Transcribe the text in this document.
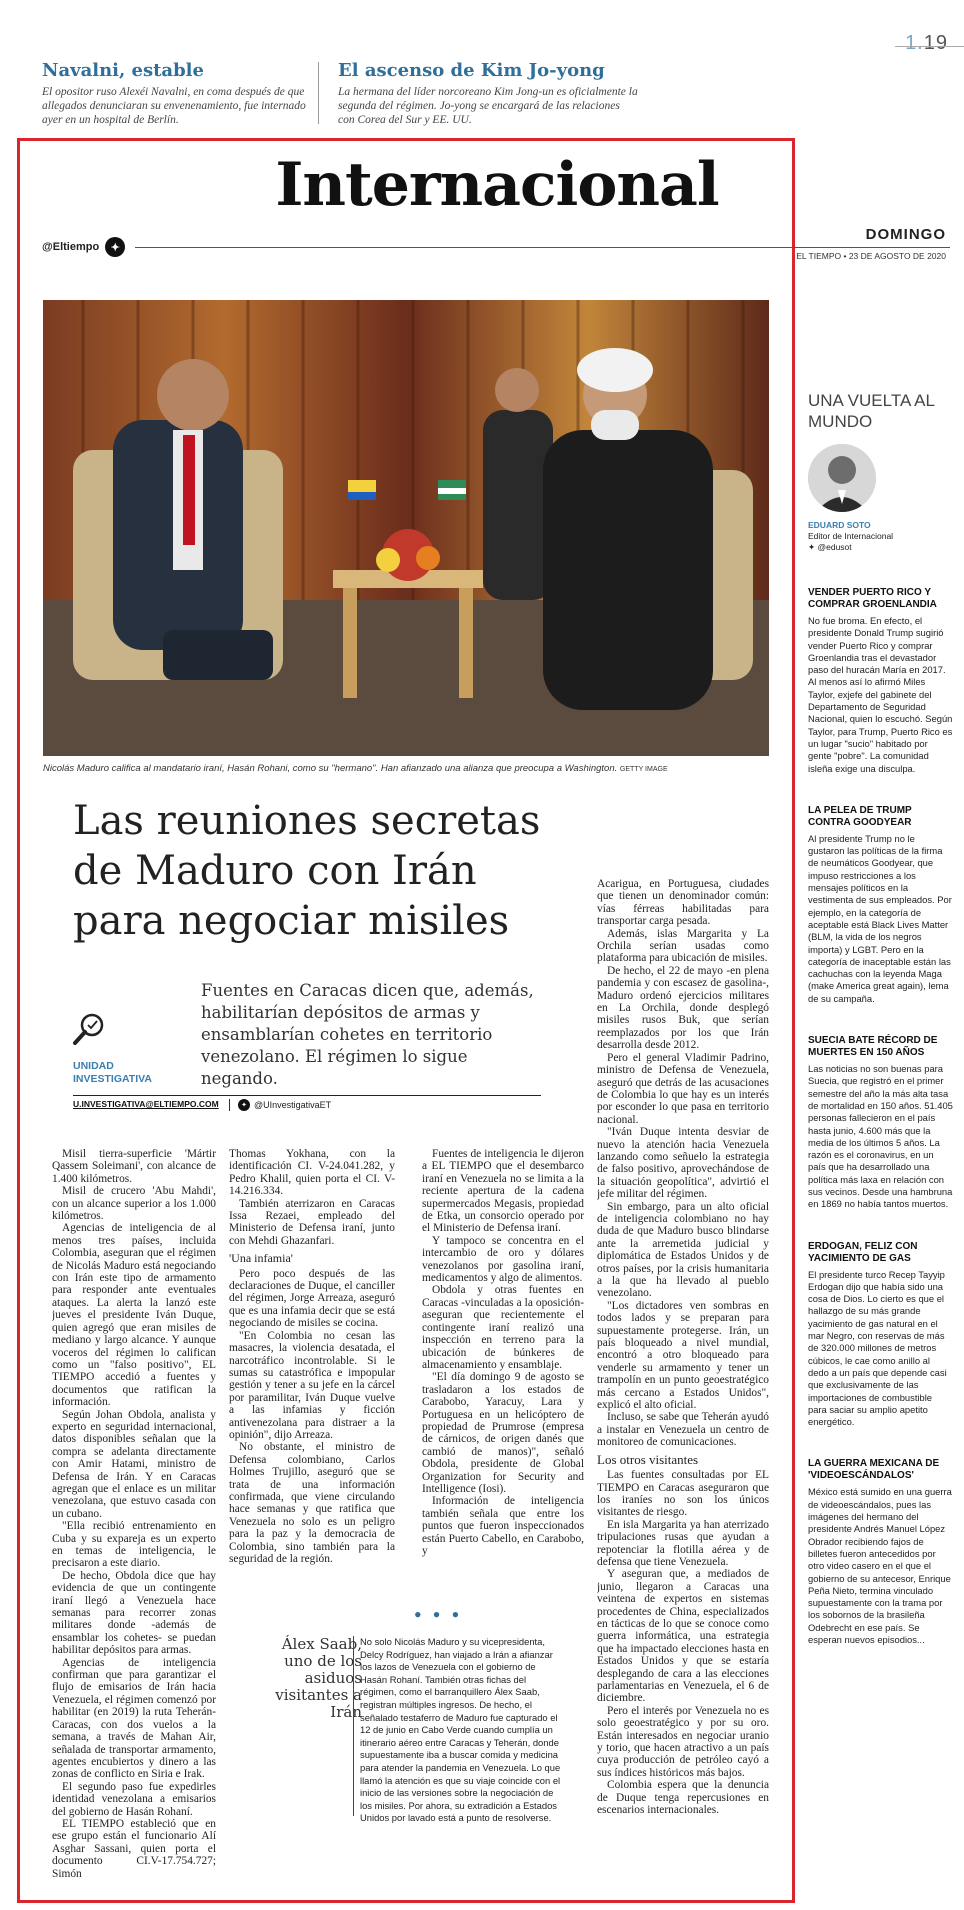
1.19
Navalni, estable

El opositor ruso Alexéi Navalni, en coma después de que allegados denunciaran su envenenamiento, fue internado ayer en un hospital de Berlín.

El ascenso de Kim Jo-yong

La hermana del líder norcoreano Kim Jong-un es oficialmente la segunda del régimen. Jo-yong se encargará de las relaciones con Corea del Sur y EE. UU.

Internacional
@Eltiempo	✦
DOMINGO
EL TIEMPO • 23 DE AGOSTO DE 2020
Nicolás Maduro califica al mandatario iraní, Hasán Rohani, como su "hermano". Han afianzado una alianza que preocupa a Washington. GETTY IMAGE
Las reuniones secretas de Maduro con Irán para negociar misiles
UNIDAD INVESTIGATIVA
Fuentes en Caracas dicen que, además, habilitarían depósitos de armas y ensamblarían cohetes en territorio venezolano. El régimen lo sigue negando.
U.INVESTIGATIVA@ELTIEMPO.COM	✦ @UInvestigativaET

Misil tierra-superficie 'Mártir Qassem Soleimani', con alcance de 1.400 kilómetros.

Misil de crucero 'Abu Mahdi', con un alcance superior a los 1.000 kilómetros.

Agencias de inteligencia de al menos tres países, incluida Colombia, aseguran que el régimen de Nicolás Maduro está negociando con Irán este tipo de armamento para responder ante eventuales ataques. La alerta la lanzó este jueves el presidente Iván Duque, quien agregó que eran misiles de mediano y largo alcance. Y aunque voceros del régimen lo califican como un "falso positivo", EL TIEMPO accedió a fuentes y documentos que ratifican la información.

Según Johan Obdola, analista y experto en seguridad internacional, datos disponibles señalan que la compra se adelanta directamente con Amir Hatami, ministro de Defensa de Irán. Y en Caracas agregan que el enlace es un militar venezolana, que estuvo casada con un cubano.

"Ella recibió entrenamiento en Cuba y su expareja es un experto en temas de inteligencia, le precisaron a este diario.

De hecho, Obdola dice que hay evidencia de que un contingente iraní llegó a Venezuela hace semanas para recorrer zonas militares donde -además de ensamblar los cohetes- se puedan habilitar depósitos para armas.

Agencias de inteligencia confirman que para garantizar el flujo de emisarios de Irán hacia Venezuela, el régimen comenzó por habilitar (en 2019) la ruta Teherán-Caracas, con dos vuelos a la semana, a través de Mahan Air, señalada de transportar armamento, agentes encubiertos y dinero a las zonas de conflicto en Siria e Irak.

El segundo paso fue expedirles identidad venezolana a emisarios del gobierno de Hasán Rohaní.

EL TIEMPO estableció que en ese grupo están el funcionario Alí Asghar Sassani, quien porta el documento CI.V-17.754.727; Simón

Thomas Yokhana, con la identificación CI. V-24.041.282, y Pedro Khalil, quien porta el CI. V-14.216.334.

También aterrizaron en Caracas Issa Rezaei, empleado del Ministerio de Defensa iraní, junto con Mehdi Ghazanfari.

'Una infamia'

Pero poco después de las declaraciones de Duque, el canciller del régimen, Jorge Arreaza, aseguró que es una infamia decir que se está negociando de misiles se cocina.

"En Colombia no cesan las masacres, la violencia desatada, el narcotráfico incontrolable. Si le sumas su catastrófica e impopular gestión y tener a su jefe en la cárcel por paramilitar, Iván Duque vuelve a las infamias y ficción antivenezolana para distraer a la opinión", dijo Arreaza.

No obstante, el ministro de Defensa colombiano, Carlos Holmes Trujillo, aseguró que se trata de una información confirmada, que viene circulando hace semanas y que ratifica que Venezuela no solo es un peligro para la paz y la democracia de Colombia, sino también para la seguridad de la región.

Fuentes de inteligencia le dijeron a EL TIEMPO que el desembarco iraní en Venezuela no se limita a la reciente apertura de la cadena supermercados Megasis, propiedad de Etka, un consorcio operado por el Ministerio de Defensa iraní.

Y tampoco se concentra en el intercambio de oro y dólares venezolanos por gasolina iraní, medicamentos y algo de alimentos.

Obdola y otras fuentes en Caracas -vinculadas a la oposición- aseguran que recientemente el contingente iraní realizó una inspección en terreno para la ubicación de búnkeres de almacenamiento y ensamblaje.

"El día domingo 9 de agosto se trasladaron a los estados de Carabobo, Yaracuy, Lara y Portuguesa en un helicóptero de propiedad de Prumrose (empresa de cárnicos, de origen danés que cambió de manos)", señaló Obdola, presidente de Global Organization for Security and Intelligence (Iosi).

Información de inteligencia también señala que entre los puntos que fueron inspeccionados están Puerto Cabello, en Carabobo, y

Acarigua, en Portuguesa, ciudades que tienen un denominador común: vías férreas habilitadas para transportar carga pesada.

Además, islas Margarita y La Orchila serían usadas como plataforma para ubicación de misiles.

De hecho, el 22 de mayo -en plena pandemia y con escasez de gasolina-, Maduro ordenó ejercicios militares en La Orchila, donde desplegó misiles rusos Buk, que serían reemplazados por los que Irán desarrolla desde 2012.

Pero el general Vladimir Padrino, ministro de Defensa de Venezuela, aseguró que detrás de las acusaciones de Colombia lo que hay es un interés por esconder lo que pasa en territorio nacional.

"Iván Duque intenta desviar de nuevo la atención hacia Venezuela lanzando como señuelo la estrategia de falso positivo, aprovechándose de la situación geopolítica", advirtió el jefe militar del régimen.

Sin embargo, para un alto oficial de inteligencia colombiano no hay duda de que Maduro busco blindarse ante la arremetida judicial y diplomática de Estados Unidos y de otros países, por la crisis humanitaria a la que ha llevado al pueblo venezolano.

"Los dictadores ven sombras en todos lados y se preparan para supuestamente protegerse. Irán, un país bloqueado a nivel mundial, encontró a otro bloqueado para venderle su armamento y tener un trampolín en un punto geoestratégico más cercano a Estados Unidos", explicó el alto oficial.

Incluso, se sabe que Teherán ayudó a instalar en Venezuela un centro de monitoreo de comunicaciones.

Los otros visitantes

Las fuentes consultadas por EL TIEMPO en Caracas aseguraron que los iraníes no son los únicos visitantes de riesgo.

En isla Margarita ya han aterrizado tripulaciones rusas que ayudan a repotenciar la flotilla aérea y de defensa que tiene Venezuela.

Y aseguran que, a mediados de junio, llegaron a Caracas una veintena de expertos en sistemas procedentes de China, especializados en tácticas de lo que se conoce como guerra informática, una estrategia que ha impactado elecciones hasta en Estados Unidos y que se estaría desplegando de cara a las elecciones parlamentarias en Venezuela, el 6 de diciembre.

Pero el interés por Venezuela no es solo geoestratégico y por su oro. Están interesados en negociar uranio y torio, que hacen atractivo a un país cuya producción de petróleo cayó a sus índices históricos más bajos.

Colombia espera que la denuncia de Duque tenga repercusiones en escenarios internacionales.

• • •
Álex Saab, uno de los asiduos visitantes a Irán
No solo Nicolás Maduro y su vicepresidenta, Delcy Rodríguez, han viajado a Irán a afianzar los lazos de Venezuela con el gobierno de Hasán Rohaní. También otras fichas del régimen, como el barranquillero Álex Saab, registran múltiples ingresos. De hecho, el señalado testaferro de Maduro fue capturado el 12 de junio en Cabo Verde cuando cumplía un itinerario aéreo entre Caracas y Teherán, donde supuestamente iba a buscar comida y medicina para atender la pandemia en Venezuela. Lo que llamó la atención es que su viaje coincide con el inicio de las versiones sobre la negociación de los misiles. Por ahora, su extradición a Estados Unidos por lavado está a punto de resolverse.
UNA VUELTA AL MUNDO
EDUARD SOTO
Editor de Internacional
✦ @edusot
VENDER PUERTO RICO Y COMPRAR GROENLANDIA

No fue broma. En efecto, el presidente Donald Trump sugirió vender Puerto Rico y comprar Groenlandia tras el devastador paso del huracán María en 2017. Al menos así lo afirmó Miles Taylor, exjefe del gabinete del Departamento de Seguridad Nacional, quien lo escuchó. Según Taylor, para Trump, Puerto Rico es un lugar "sucio" habitado por gente "pobre". La comunidad isleña exige una disculpa.

LA PELEA DE TRUMP CONTRA GOODYEAR

Al presidente Trump no le gustaron las políticas de la firma de neumáticos Goodyear, que impuso restricciones a los mensajes políticos en la vestimenta de sus empleados. Por ejemplo, en la categoría de aceptable está Black Lives Matter (BLM, la vida de los negros importa) y LGBT. Pero en la categoría de inaceptable están las cachuchas con la leyenda Maga (make America great again), lema de su campaña.

SUECIA BATE RÉCORD DE MUERTES EN 150 AÑOS

Las noticias no son buenas para Suecia, que registró en el primer semestre del año la más alta tasa de mortalidad en 150 años. 51.405 personas fallecieron en el país hasta junio, 4.600 más que la media de los últimos 5 años. La razón es el coronavirus, en un país que ha desarrollado una política más laxa en relación con sus vecinos. Desde una hambruna en 1869 no había tantos muertos.

ERDOGAN, FELIZ CON YACIMIENTO DE GAS

El presidente turco Recep Tayyip Erdogan dijo que había sido una cosa de Dios. Lo cierto es que el hallazgo de su más grande yacimiento de gas natural en el mar Negro, con reservas de más de 320.000 millones de metros cúbicos, le cae como anillo al dedo a un país que depende casi que exclusivamente de las importaciones de combustible para saciar su amplio apetito energético.

LA GUERRA MEXICANA DE 'VIDEOESCÁNDALOS'

México está sumido en una guerra de videoescándalos, pues las imágenes del hermano del presidente Andrés Manuel López Obrador recibiendo fajos de billetes fueron antecedidos por otro video casero en el que el gobierno de su antecesor, Enrique Peña Nieto, termina vinculado supuestamente con la trama por los sobornos de la brasileña Odebrecht en ese país. Se esperan nuevos episodios...
